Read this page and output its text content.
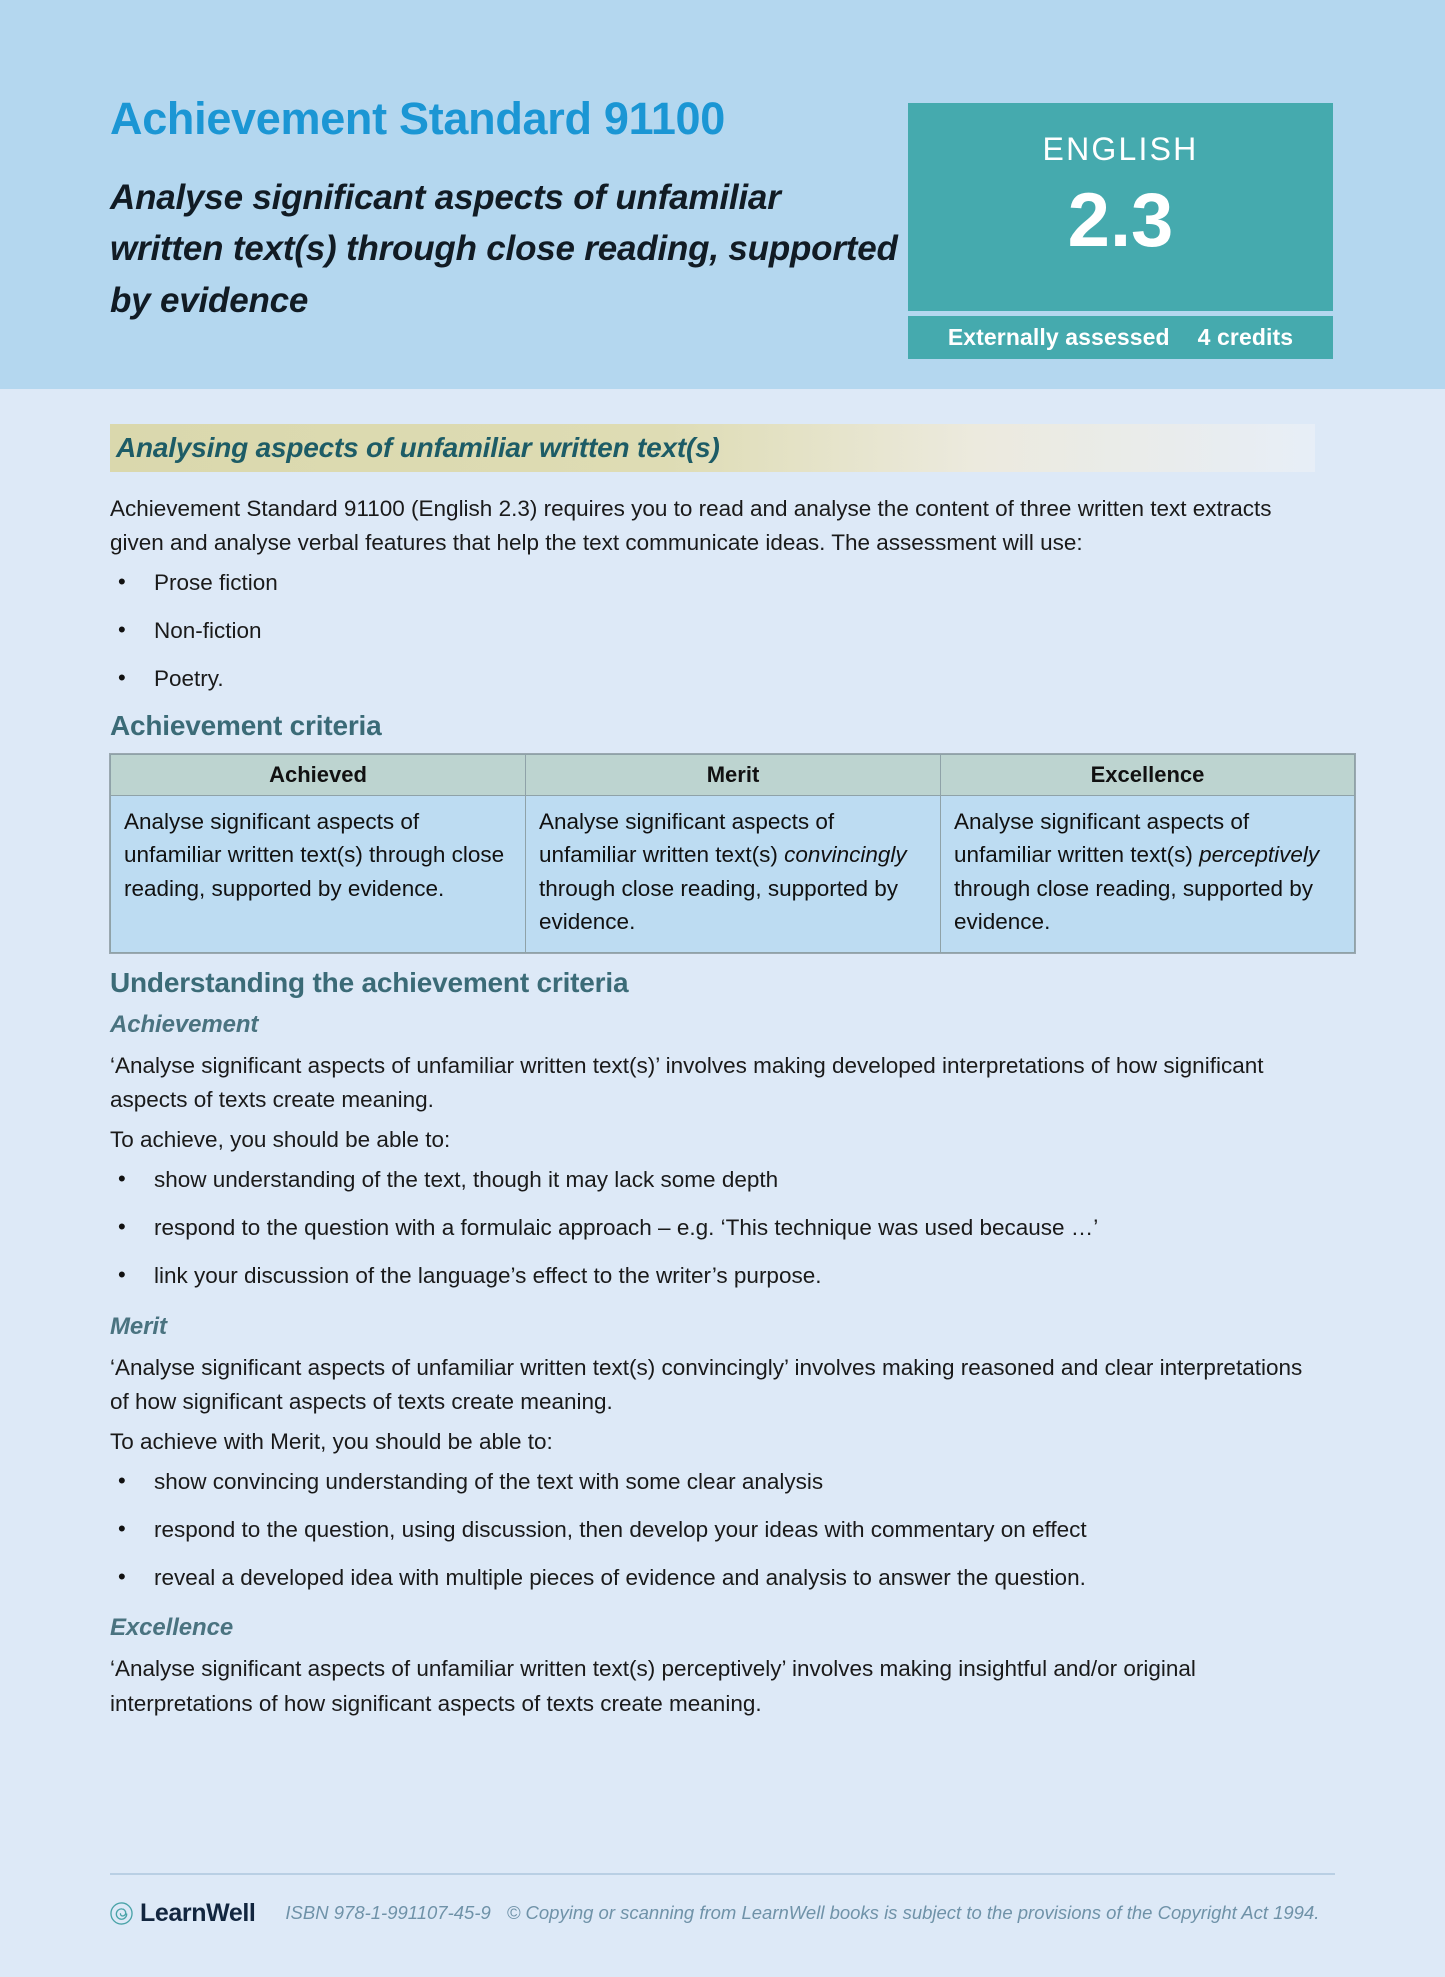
Achievement Standard 91100
Analyse significant aspects of unfamiliar written text(s) through close reading, supported by evidence
ENGLISH
2.3
Externally assessed 4 credits
Analysing aspects of unfamiliar written text(s)

Achievement Standard 91100 (English 2.3) requires you to read and analyse the content of three written text extracts given and analyse verbal features that help the text communicate ideas. The assessment will use:

• Prose fiction
• Non-fiction
• Poetry.
Achievement criteria
Achieved	Merit	Excellence
Analyse significant aspects of unfamiliar written text(s) through close reading, supported by evidence.	Analyse significant aspects of unfamiliar written text(s) convincingly through close reading, supported by evidence.	Analyse significant aspects of unfamiliar written text(s) perceptively through close reading, supported by evidence.
Understanding the achievement criteria
Achievement

‘Analyse significant aspects of unfamiliar written text(s)’ involves making developed interpretations of how significant aspects of texts create meaning.

To achieve, you should be able to:

• show understanding of the text, though it may lack some depth
• respond to the question with a formulaic approach – e.g. ‘This technique was used because …’
• link your discussion of the language’s effect to the writer’s purpose.
Merit

‘Analyse significant aspects of unfamiliar written text(s) convincingly’ involves making reasoned and clear interpretations of how significant aspects of texts create meaning.

To achieve with Merit, you should be able to:

• show convincing understanding of the text with some clear analysis
• respond to the question, using discussion, then develop your ideas with commentary on effect
• reveal a developed idea with multiple pieces of evidence and analysis to answer the question.
Excellence

‘Analyse significant aspects of unfamiliar written text(s) perceptively’ involves making insightful and/or original interpretations of how significant aspects of texts create meaning.

LearnWell ISBN 978-1-991107-45-9 © Copying or scanning from LearnWell books is subject to the provisions of the Copyright Act 1994.
